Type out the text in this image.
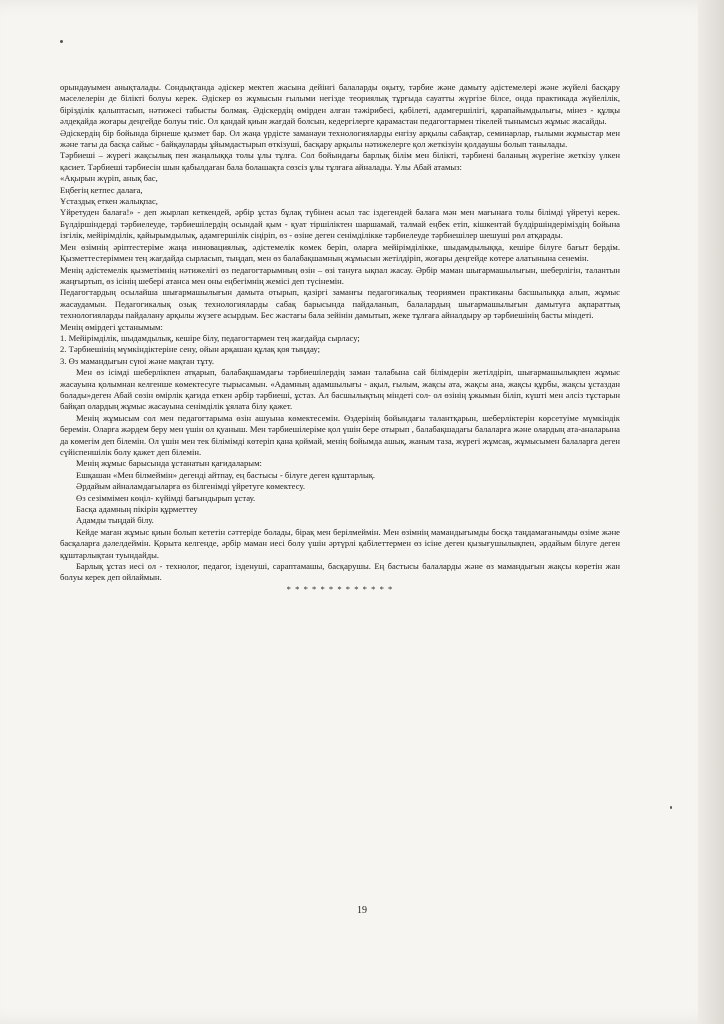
орындауымен анықталады. Сондықтанда әдіскер мектеп жасына дейінгі балаларды оқыту, тәрбие және дамыту әдістемелері және жүйелі басқару мәселелерін де білікті болуы керек. Әдіскер өз жұмысын ғылыми негізде теориялық тұрғыда сауатты жүргізе білсе, онда практикада жүйелілік, біріздiлік қалыптасып, нәтижесі табысты болмақ. Әдіскердің өмірден алған тәжірибесі, қабілеті, адамгершілігі, қарапайымдылығы, мінез - құлқы әлдеқайда жоғары деңгейде болуы тиіс. Ол қандай қиын жағдай болсын, кедергілерге қарамастан педагогтармен тікелей тынымсыз жұмыс жасайды.

Әдіскердің бір бойында бірнеше қызмет бар. Ол жаңа үрдісте заманауи технологияларды енгізу арқылы сабақтар, семинарлар, ғылыми жұмыстар мен және тағы да басқа сайыс - байқауларды ұйымдастырып өткізуші, басқару арқылы нәтижелерге қол жеткізуін қолдаушы болып танылады.

Тәрбиеші – жүрегі жақсылық пен жаңалыққа толы ұлы тұлға. Сол бойындағы барлық білім мен білікті, тәрбиені баланың жүрегіне жеткізу үлкен қасиет. Тәрбиеші тәрбиесін шын қабылдаған бала болашақта сөзсіз ұлы тұлғаға айналады. Ұлы Абай атамыз:

«Ақырын жүріп, анық бас,

Еңбегің кетпес далаға,

Ұстаздық еткен жалықпас,

Үйретуден балаға!» - деп жырлап кеткендей, әрбір ұстаз бұлақ түбінен асыл тас іздегендей балаға мән мен мағынаға толы білімді үйретуі керек. Бүлдіршіндерді тәрбиелеуде, тәрбиешілердің осындай қым - қуат тіршіліктен шаршамай, талмай еңбек етіп, кішкентай бүлдіршіндеріміздің бойына ізгілік, мейірімділік, қайырымдылық, адамгершілік сіңіріп, өз - өзіне деген сенімділікке тәрбиелеуде тәрбиешілер шешуші рөл атқарады.

Мен өзімнің әріптестеріме жаңа инновациялық, әдістемелік көмек беріп, оларға мейірімділікке, шыдамдылыққа, кешіре білуге бағыт бердім. Қызметтестеріммен тең жағдайда сырласып, тыңдап, мен өз балабақшамның жұмысын жетілдіріп, жоғары деңгейде көтере алатынына сенемін.

Менің әдістемелік қызметімнің нәтижелігі өз педагогтарымның өзін – өзі тануға ықпал жасау. Әрбір маман шығармашылығын, шеберлігін, талантын жаңғыртып, өз ісінің шебері атанса мен оны еңбегімнің жемісі деп түсінемін.

Педагогтардың осылайша шығармашылығын дамыта отырып, қазіргі заманғы педагогикалық теориямен практиканы басшылыққа алып, жұмыс жасаудамын. Педагогикалық озық технологияларды сабақ барысында пайдаланып, балалардың шығармашылығын дамытуға ақпараттық технологияларды пайдалану арқылы жүзеге асырдым. Бес жастағы бала зейінін дамытып, жеке тұлғаға айналдыру әр тәрбиешінің басты міндеті.

Менің өмірдегі ұстанымым:

1. Мейірімділік, шыдамдылық, кешіре білу, педагогтармен тең жағдайда сырласу;

2. Тәрбиешінің мүмкіндіктеріне сену, ойын арқашан құлақ қоя тыңдау;

3. Өз мамандығын сүюі және мақтан тұту.

Мен өз ісімді шеберлікпен атқарып, балабақшамдағы тәрбиешілердің заман талабына сай білімдерін жетілдіріп, шығармашылықпен жұмыс жасауына қолымнан келгенше көмектесуге тырысамын. «Адамның адамшылығы - ақыл, ғылым, жақсы ата, жақсы ана, жақсы құрбы, жақсы ұстаздан болады»деген Абай сөзін өмірлік қағида еткен әрбір тәрбиеші, ұстаз. Ал басшылықтың міндеті сол- ол өзінің ұжымын біліп, күшті мен әлсіз тұстарын байқап олардың жұмыс жасауына сенімділік ұялата білу қажет.

Менің жұмысым сол мен педагогтарыма өзін ашуына көмектесемін. Өздерінің бойындағы талантқарын, шеберліктерін көрсетуіме мүмкіндік беремін. Оларға жәрдем беру мен үшін ол қуаныш. Мен тәрбиешілеріме қол үшін бере отырып , балабақшадағы балаларға және олардың ата-аналарына да көмегім деп білемін. Ол үшін мен тек білімімді көтеріп қана қоймай, менің бойымда ашық, жаным таза, жүрегі жұмсақ, жұмысымен балаларға деген сүйіспеншілік болу қажет деп білемін.

Менің жұмыс барысында ұстанатын қағидаларым:

Ешқашан «Мен білмеймін» дегенді айтпау, ең бастысы - білуге деген құштарлық.

Әрдайым айналамдағыларға өз білгенімді үйретуге көмектесу.

Өз сезіммімен көңіл- күйімді бағындырып ұстау.

Басқа адамның пікірін құрметтеу

Адамды тыңдай білу.

Кейде маған жұмыс қиын болып кететін сәттеріде болады, бірақ мен берілмеймін. Мен өзімнің мамандығымды босқа таңдамағанымды өзіме және басқаларға дәлелдеймін. Қорыта келгенде, әрбір маман иесі болу үшін әртүрлі қабілеттермен өз ісіне деген қызығушылықпен, әрдайым білуге деген құштарлықтан туындайды.

Барлық ұстаз иесі ол - технолог, педагог, ізденуші, сараптамашы, басқарушы. Ең бастысы балаларды және өз мамандығын жақсы көретін жан болуы керек деп ойлаймын.

* * * * * * * * * * * * *

19
